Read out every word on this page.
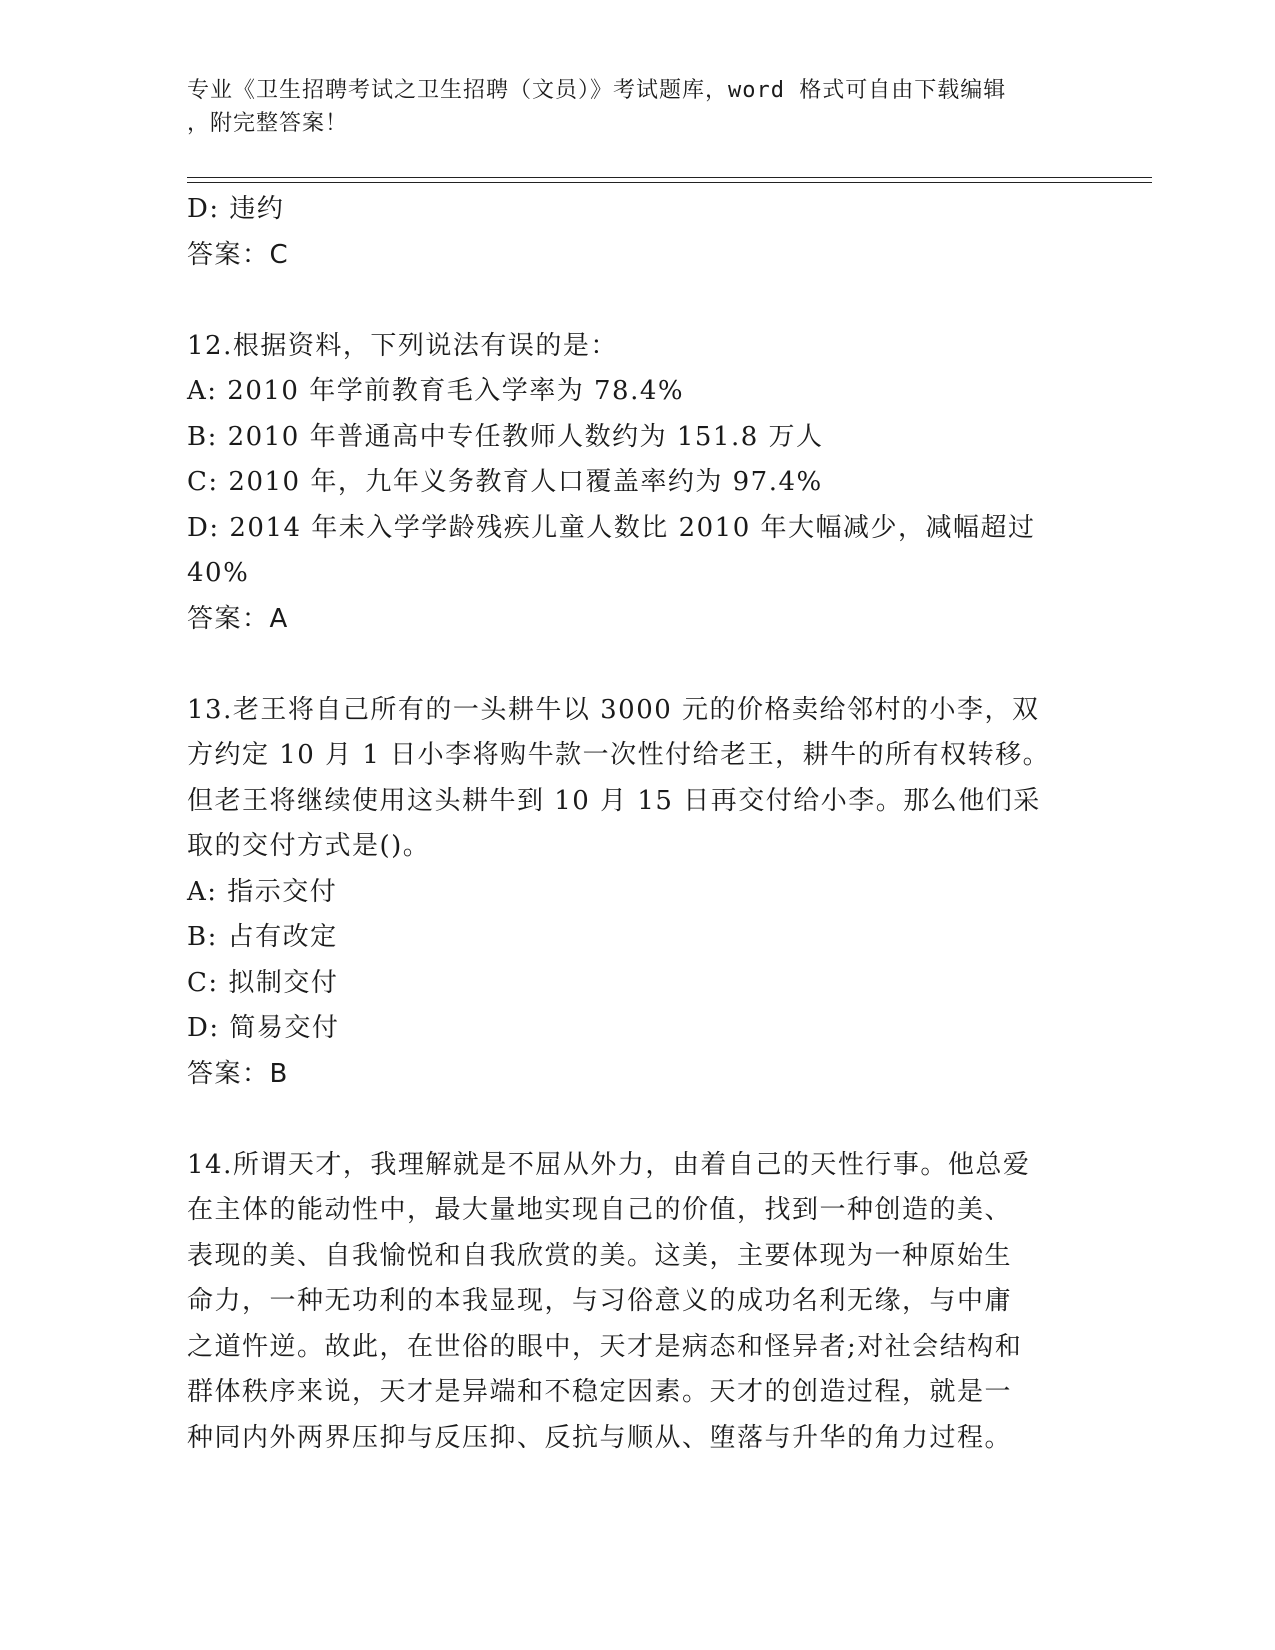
专业《卫生招聘考试之卫生招聘（文员）》考试题库，word 格式可自由下载编辑
，附完整答案！

D: 违约

答案：C

12.根据资料，下列说法有误的是：

A: 2010 年学前教育毛入学率为 78.4%

B: 2010 年普通高中专任教师人数约为 151.8 万人

C: 2010 年，九年义务教育人口覆盖率约为 97.4%

D: 2014 年未入学学龄残疾儿童人数比 2010 年大幅减少，减幅超过

40%

答案：A

13.老王将自己所有的一头耕牛以 3000 元的价格卖给邻村的小李，双

方约定 10 月 1 日小李将购牛款一次性付给老王，耕牛的所有权转移。

但老王将继续使用这头耕牛到 10 月 15 日再交付给小李。那么他们采

取的交付方式是()。

A: 指示交付

B: 占有改定

C: 拟制交付

D: 简易交付

答案：B

14.所谓天才，我理解就是不屈从外力，由着自己的天性行事。他总爱

在主体的能动性中，最大量地实现自己的价值，找到一种创造的美、

表现的美、自我愉悦和自我欣赏的美。这美，主要体现为一种原始生

命力，一种无功利的本我显现，与习俗意义的成功名利无缘，与中庸

之道忤逆。故此，在世俗的眼中，天才是病态和怪异者;对社会结构和

群体秩序来说，天才是异端和不稳定因素。天才的创造过程，就是一

种同内外两界压抑与反压抑、反抗与顺从、堕落与升华的角力过程。
